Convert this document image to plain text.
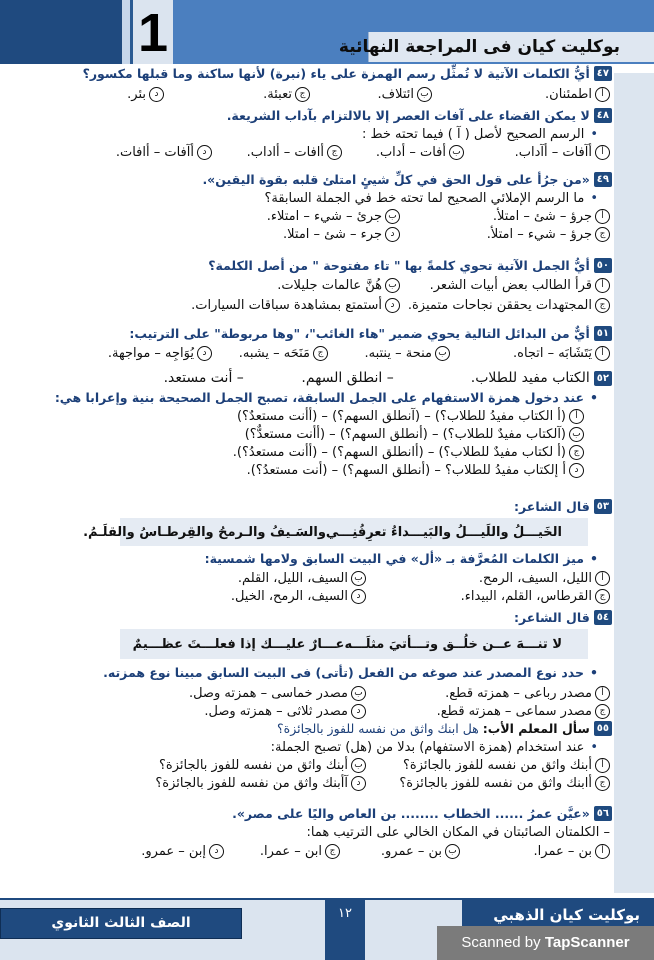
1	بوكليت كيان فى المراجعة النهائية
٤٧
أيُّ الكلمات الآتية لا تُمثِّل رسم الهمزة على ياء (نبرة) لأنها ساكنة وما قبلها مكسور؟
أ
اطمئنان.
ب
ائتلاف.
ج
تعبئة.
د
بئر.
٤٨
لا يمكن القضاء على آفات العصر إلا بالالتزام بآداب الشريعة.
• الرسم الصحيح لأصل ( آ ) فيما تحته خط :
أ
أآفات – أآداب.
ب
أفات – أداب.
ج
أافات – أاداب.
د
أآفات – أافات.
٤٩
«من جرُأ على قول الحق في كلِّ شيئٍ امتلئ قلبه بقوة اليقين».
• ما الرسم الإملائي الصحيح لما تحته خط في الجملة السابقة؟
أ
جرؤ – شئ – امتلأ.
ب
جرئ – شيء – امتلاء.
ج
جرؤ – شيء – امتلأ.
د
جرء – شئ – امتلا.
٥٠
أيُّ الجمل الآتية تحوي كلمةً بها " تاء مفتوحة " من أصل الكلمة؟
أ
قرأ الطالب بعض أبيات الشعر.
ب
هُنَّ عالمات جليلات.
ج
المجتهدات يحققن نجاحات متميزة.
د
أستمتع بمشاهدة سباقات السيارات.
٥١
أيٌّ من البدائل التالية يحوي ضمير "هاء الغائب"، "وها مربوطة" على الترتيب:
أ
يَتَشَابَه – اتجاه.
ب
منحة – ينتبه.
ج
مَنَحَه – يشبه.
د
يُوَاجِه – مواجهة.
٥٢
الكتاب مفيد للطلاب.
– انطلق السهم.
– أنت مستعد.
• عند دخول همزة الاستفهام على الجمل السابقة، تصبح الجمل الصحيحة بنية وإعرابا هي:
أ
(أ الكتاب مفيدُ للطلاب؟) – (آنطلق السهم؟) – (أأنت مستعدٌ؟)
ب
(آلكتاب مفيدٌ للطلاب؟) – (أنطلق السهم؟) – (أأنت مستعدٌّ؟)
ج
(أ لكتاب مفيدٌ للطلاب؟) – (أانطلق السهم؟) – (أأنت مستعدُ؟).
د
أ إلكتاب مفيدُ للطلاب؟ – (أنطلق السهم؟) – (أنت مستعدُ؟).
٥٣
قال الشاعر:
الخَيـــلُ واللَيـــلُ والبَيـــداءُ تعرِفُنِـــي
والسَـيفُ والـرمحُ والقِرطـاسُ والقلَـمُ.
• ميز الكلمات المُعرَّفة بـ «أل» في البيت السابق ولامها شمسية:
أ
الليل، السيف، الرمح.
ب
السيف، الليل، القلم.
ج
القرطاس، القلم، البيداء.
د
السيف، الرمح، الخيل.
٥٤
قال الشاعر:
لا تنـــهَ عــن خلُــق وتـــأتيَ مثلَـــه
عـــارٌ عليـــك إذا فعلـــتَ عظـــيمٌ
• حدد نوع المصدر عند صوغه من الفعل (تأتى) فى البيت السابق مبينا نوع همزته.
أ
مصدر رباعى – همزته قطع.
ب
مصدر خماسى – همزته وصل.
ج
مصدر سماعى – همزته قطع.
د
مصدر ثلاثى – همزته وصل.
٥٥
سأل المعلم الأب:
هل ابنك واثق من نفسه للفوز بالجائزة؟
• عند استخدام (همزة الاستفهام) بدلا من (هل) تصبح الجملة:
أ
أبنك واثق من نفسه للفوز بالجائزة؟
ب
أبنك واثق من نفسه للفوز بالجائزة؟
ج
أابنك واثق من نفسه للفوز بالجائزة؟
د
آأبنك واثق من نفسه للفوز بالجائزة؟
٥٦
«عيَّن عمرُ ...... الخطاب ........ بن العاص واليًا على مصر».
– الكلمتان الصائبتان في المكان الخالي على الترتيب هما:
أ
بن – عمرا.
ب
بن – عمرو.
ج
ابن – عمرا.
د
إبن – عمرو.
الصف الثالث الثانوي
١٢	بوكليت كيان الذهبي
Scanned by TapScanner
